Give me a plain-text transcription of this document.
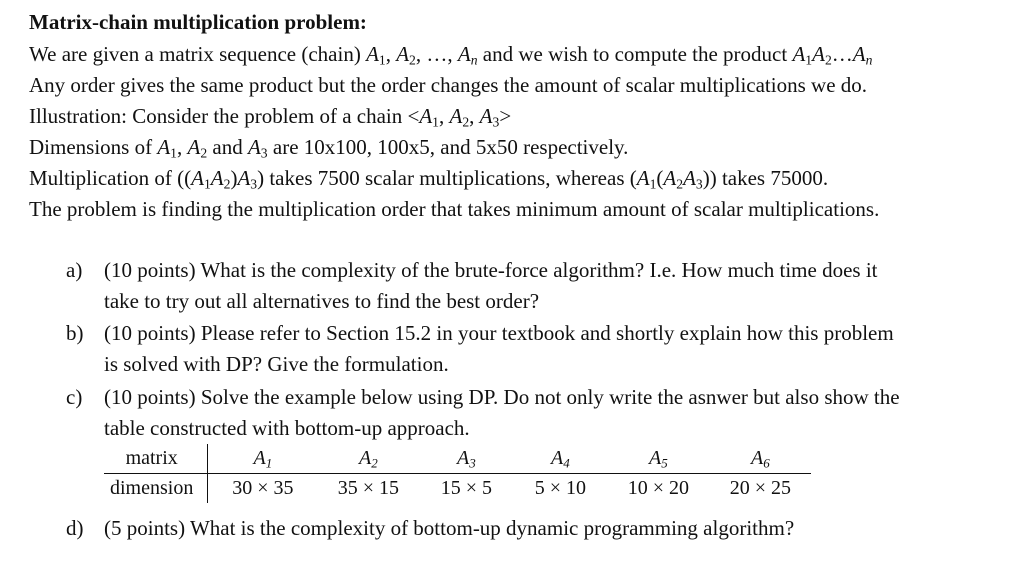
Matrix-chain multiplication problem:
We are given a matrix sequence (chain) $A_1$, $A_2$, …, $A_n$ and we wish to compute the product $A_1A_2\dots A_n$
Any order gives the same product but the order changes the amount of scalar multiplications we do.
Illustration: Consider the problem of a chain $<A_1$, $A_2$, $A_3>$
Dimensions of $A_1$, $A_2$ and $A_3$ are 10x100, 100x5, and 5x50 respectively.
Multiplication of $((A_1A_2)A_3)$ takes 7500 scalar multiplications, whereas $(A_1(A_2A_3))$ takes 75000.
The problem is finding the multiplication order that takes minimum amount of scalar multiplications.
a) (10 points) What is the complexity of the brute-force algorithm? I.e. How much time does it
take to try out all alternatives to find the best order?
b) (10 points) Please refer to Section 15.2 in your textbook and shortly explain how this problem
is solved with DP? Give the formulation.
c) (10 points) Solve the example below using DP. Do not only write the asnwer but also show the
table constructed with bottom-up approach.
matrix	$A_1$	$A_2$	$A_3$	$A_4$	$A_5$	$A_6$
dimension	30 × 35	35 × 15	15 × 5	5 × 10	10 × 20	20 × 25
d) (5 points) What is the complexity of bottom-up dynamic programming algorithm?
